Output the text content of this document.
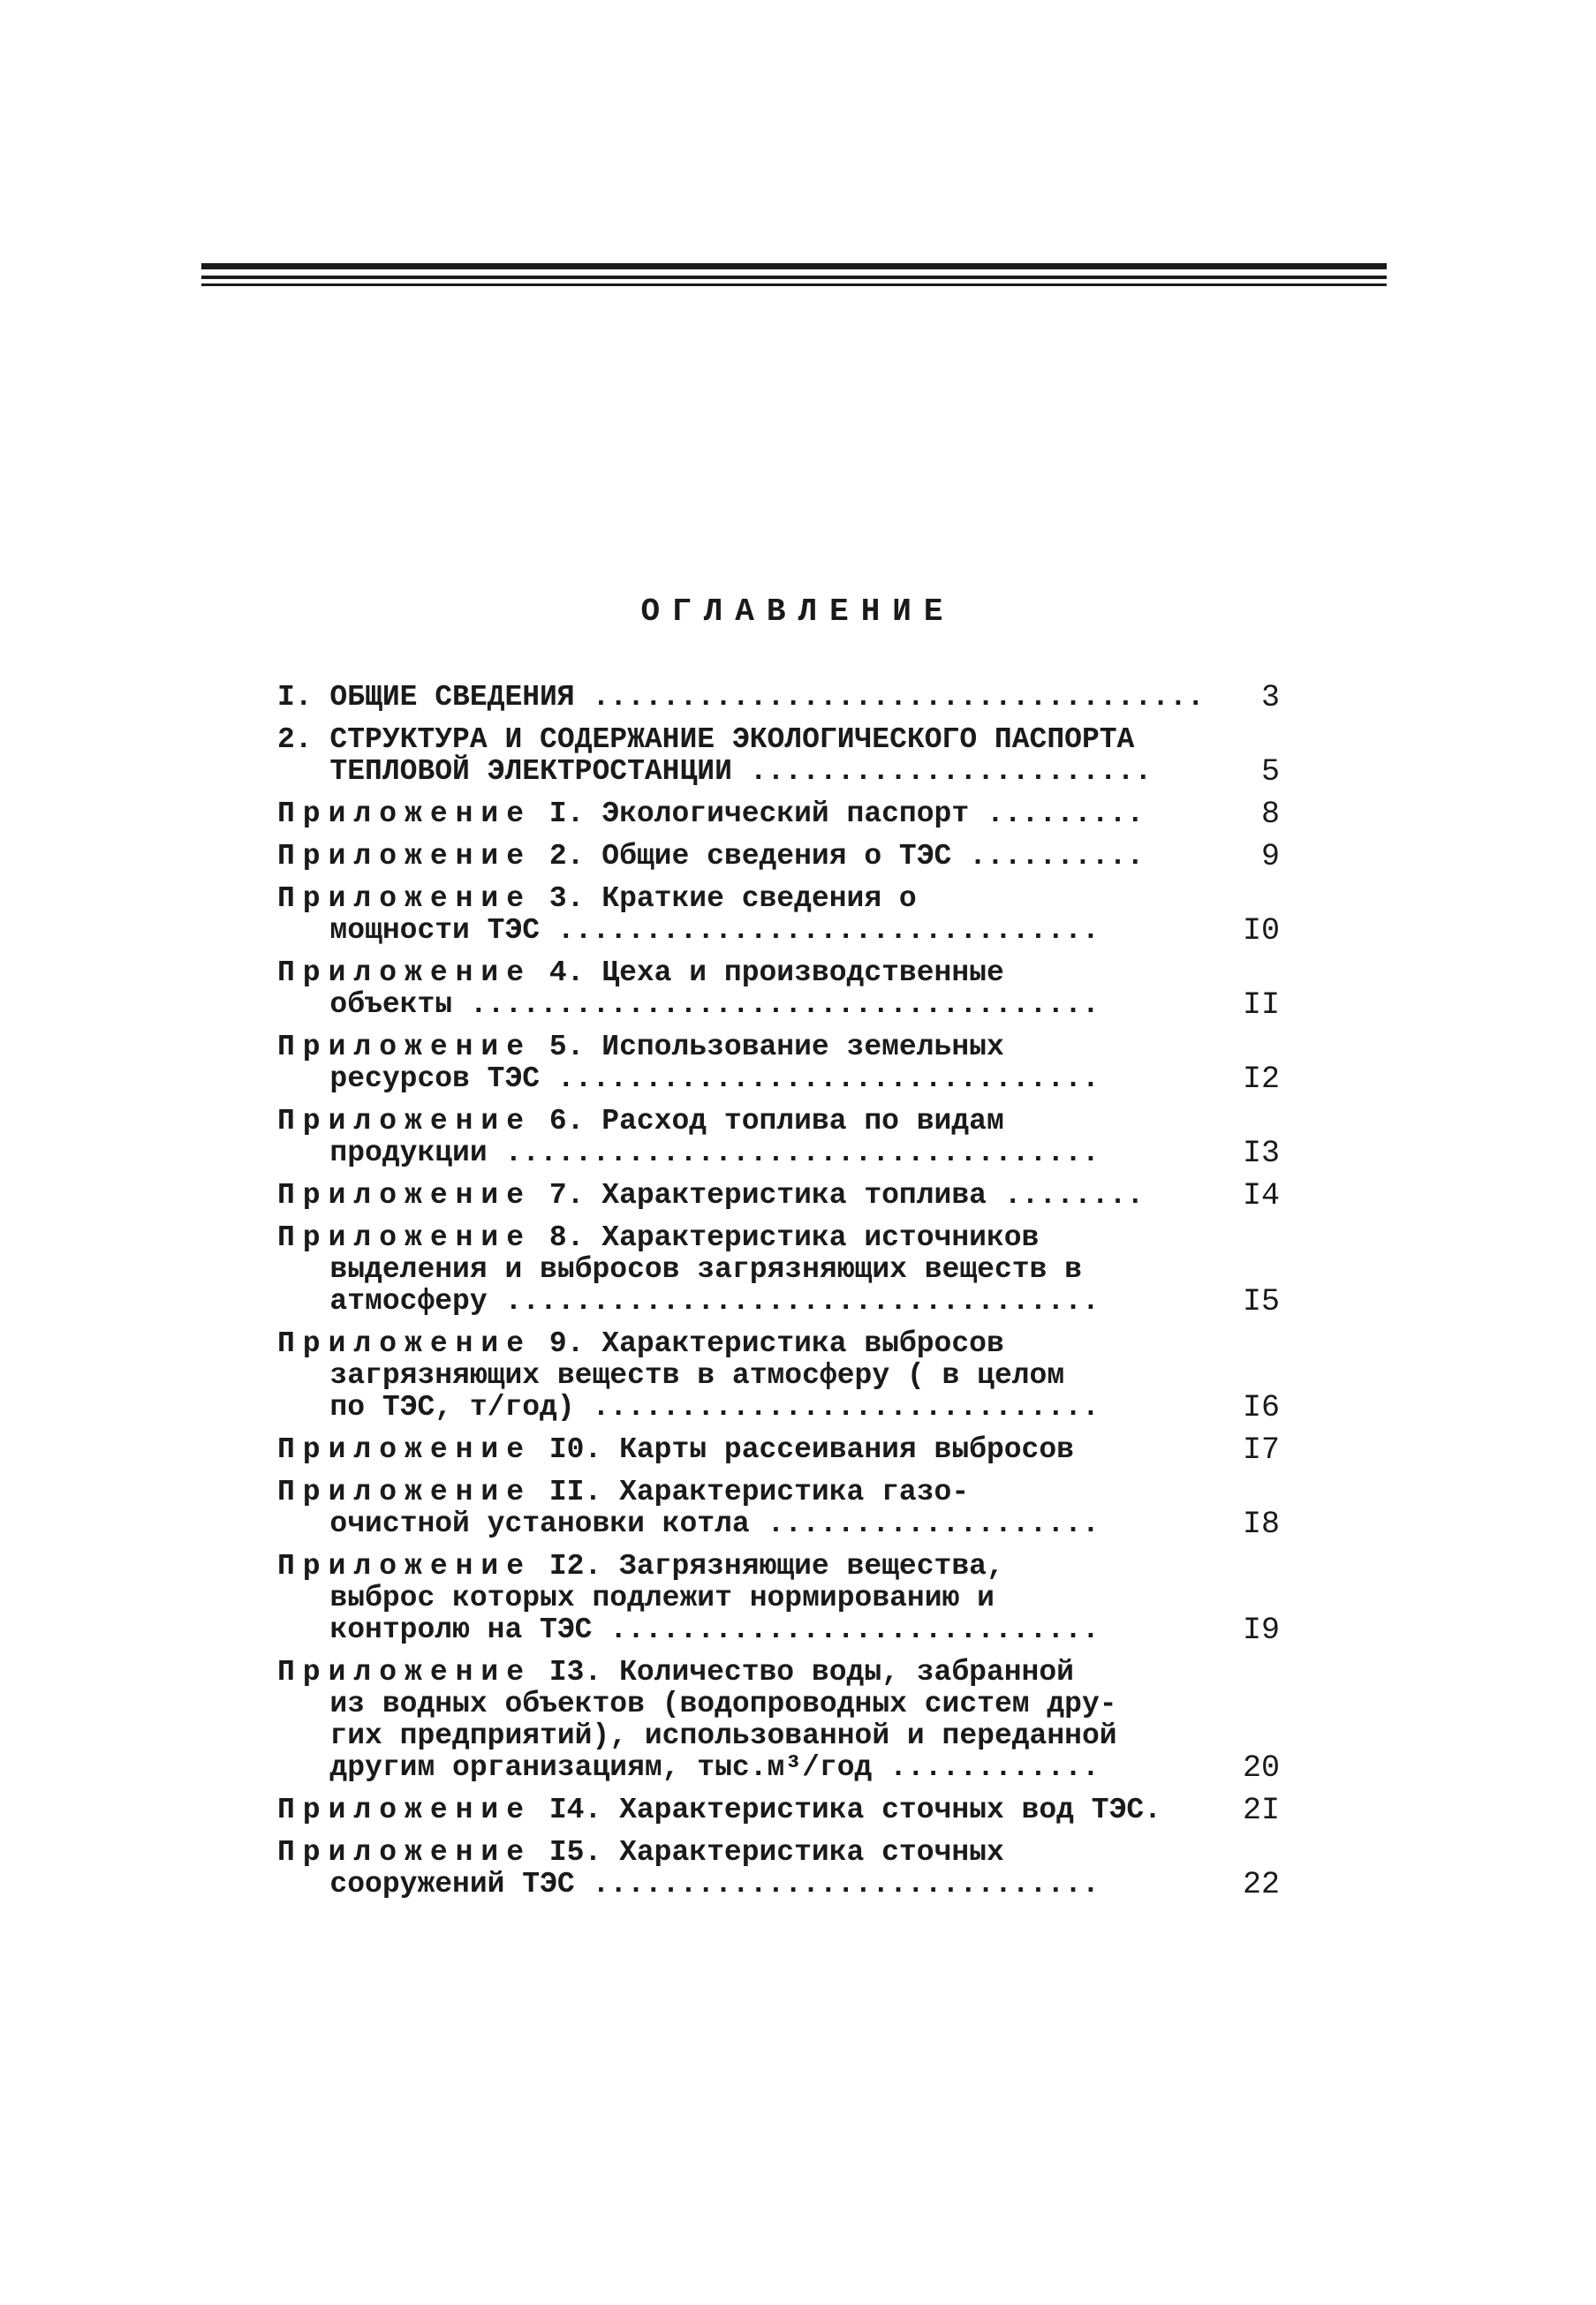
ОГЛАВЛЕНИЕ
I. ОБЩИЕ СВЕДЕНИЯ ...................................	3
2. СТРУКТУРА И СОДЕРЖАНИЕ ЭКОЛОГИЧЕСКОГО ПАСПОРТА
ТЕПЛОВОЙ ЭЛЕКТРОСТАНЦИИ .......................	5
Приложение I. Экологический паспорт .........	8
Приложение 2. Общие сведения о ТЭС ..........	9
Приложение 3. Краткие сведения о
мощности ТЭС ...............................	I0
Приложение 4. Цеха и производственные
объекты ....................................	II
Приложение 5. Использование земельных
ресурсов ТЭС ...............................	I2
Приложение 6. Расход топлива по видам
продукции ..................................	I3
Приложение 7. Характеристика топлива ........	I4
Приложение 8. Характеристика источников
выделения и выбросов загрязняющих веществ в
атмосферу ..................................	I5
Приложение 9. Характеристика выбросов
загрязняющих веществ в атмосферу ( в целом
по ТЭС, т/год) .............................	I6
Приложение I0. Карты рассеивания выбросов	I7
Приложение II. Характеристика газо-
очистной установки котла ...................	I8
Приложение I2. Загрязняющие вещества,
выброс которых подлежит нормированию и
контролю на ТЭС ............................	I9
Приложение I3. Количество воды, забранной
из водных объектов (водопроводных систем дру-
гих предприятий), использованной и переданной
другим организациям, тыс.м³/год ............	20
Приложение I4. Характеристика сточных вод ТЭС.	2I
Приложение I5. Характеристика сточных
сооружений ТЭС .............................	22
